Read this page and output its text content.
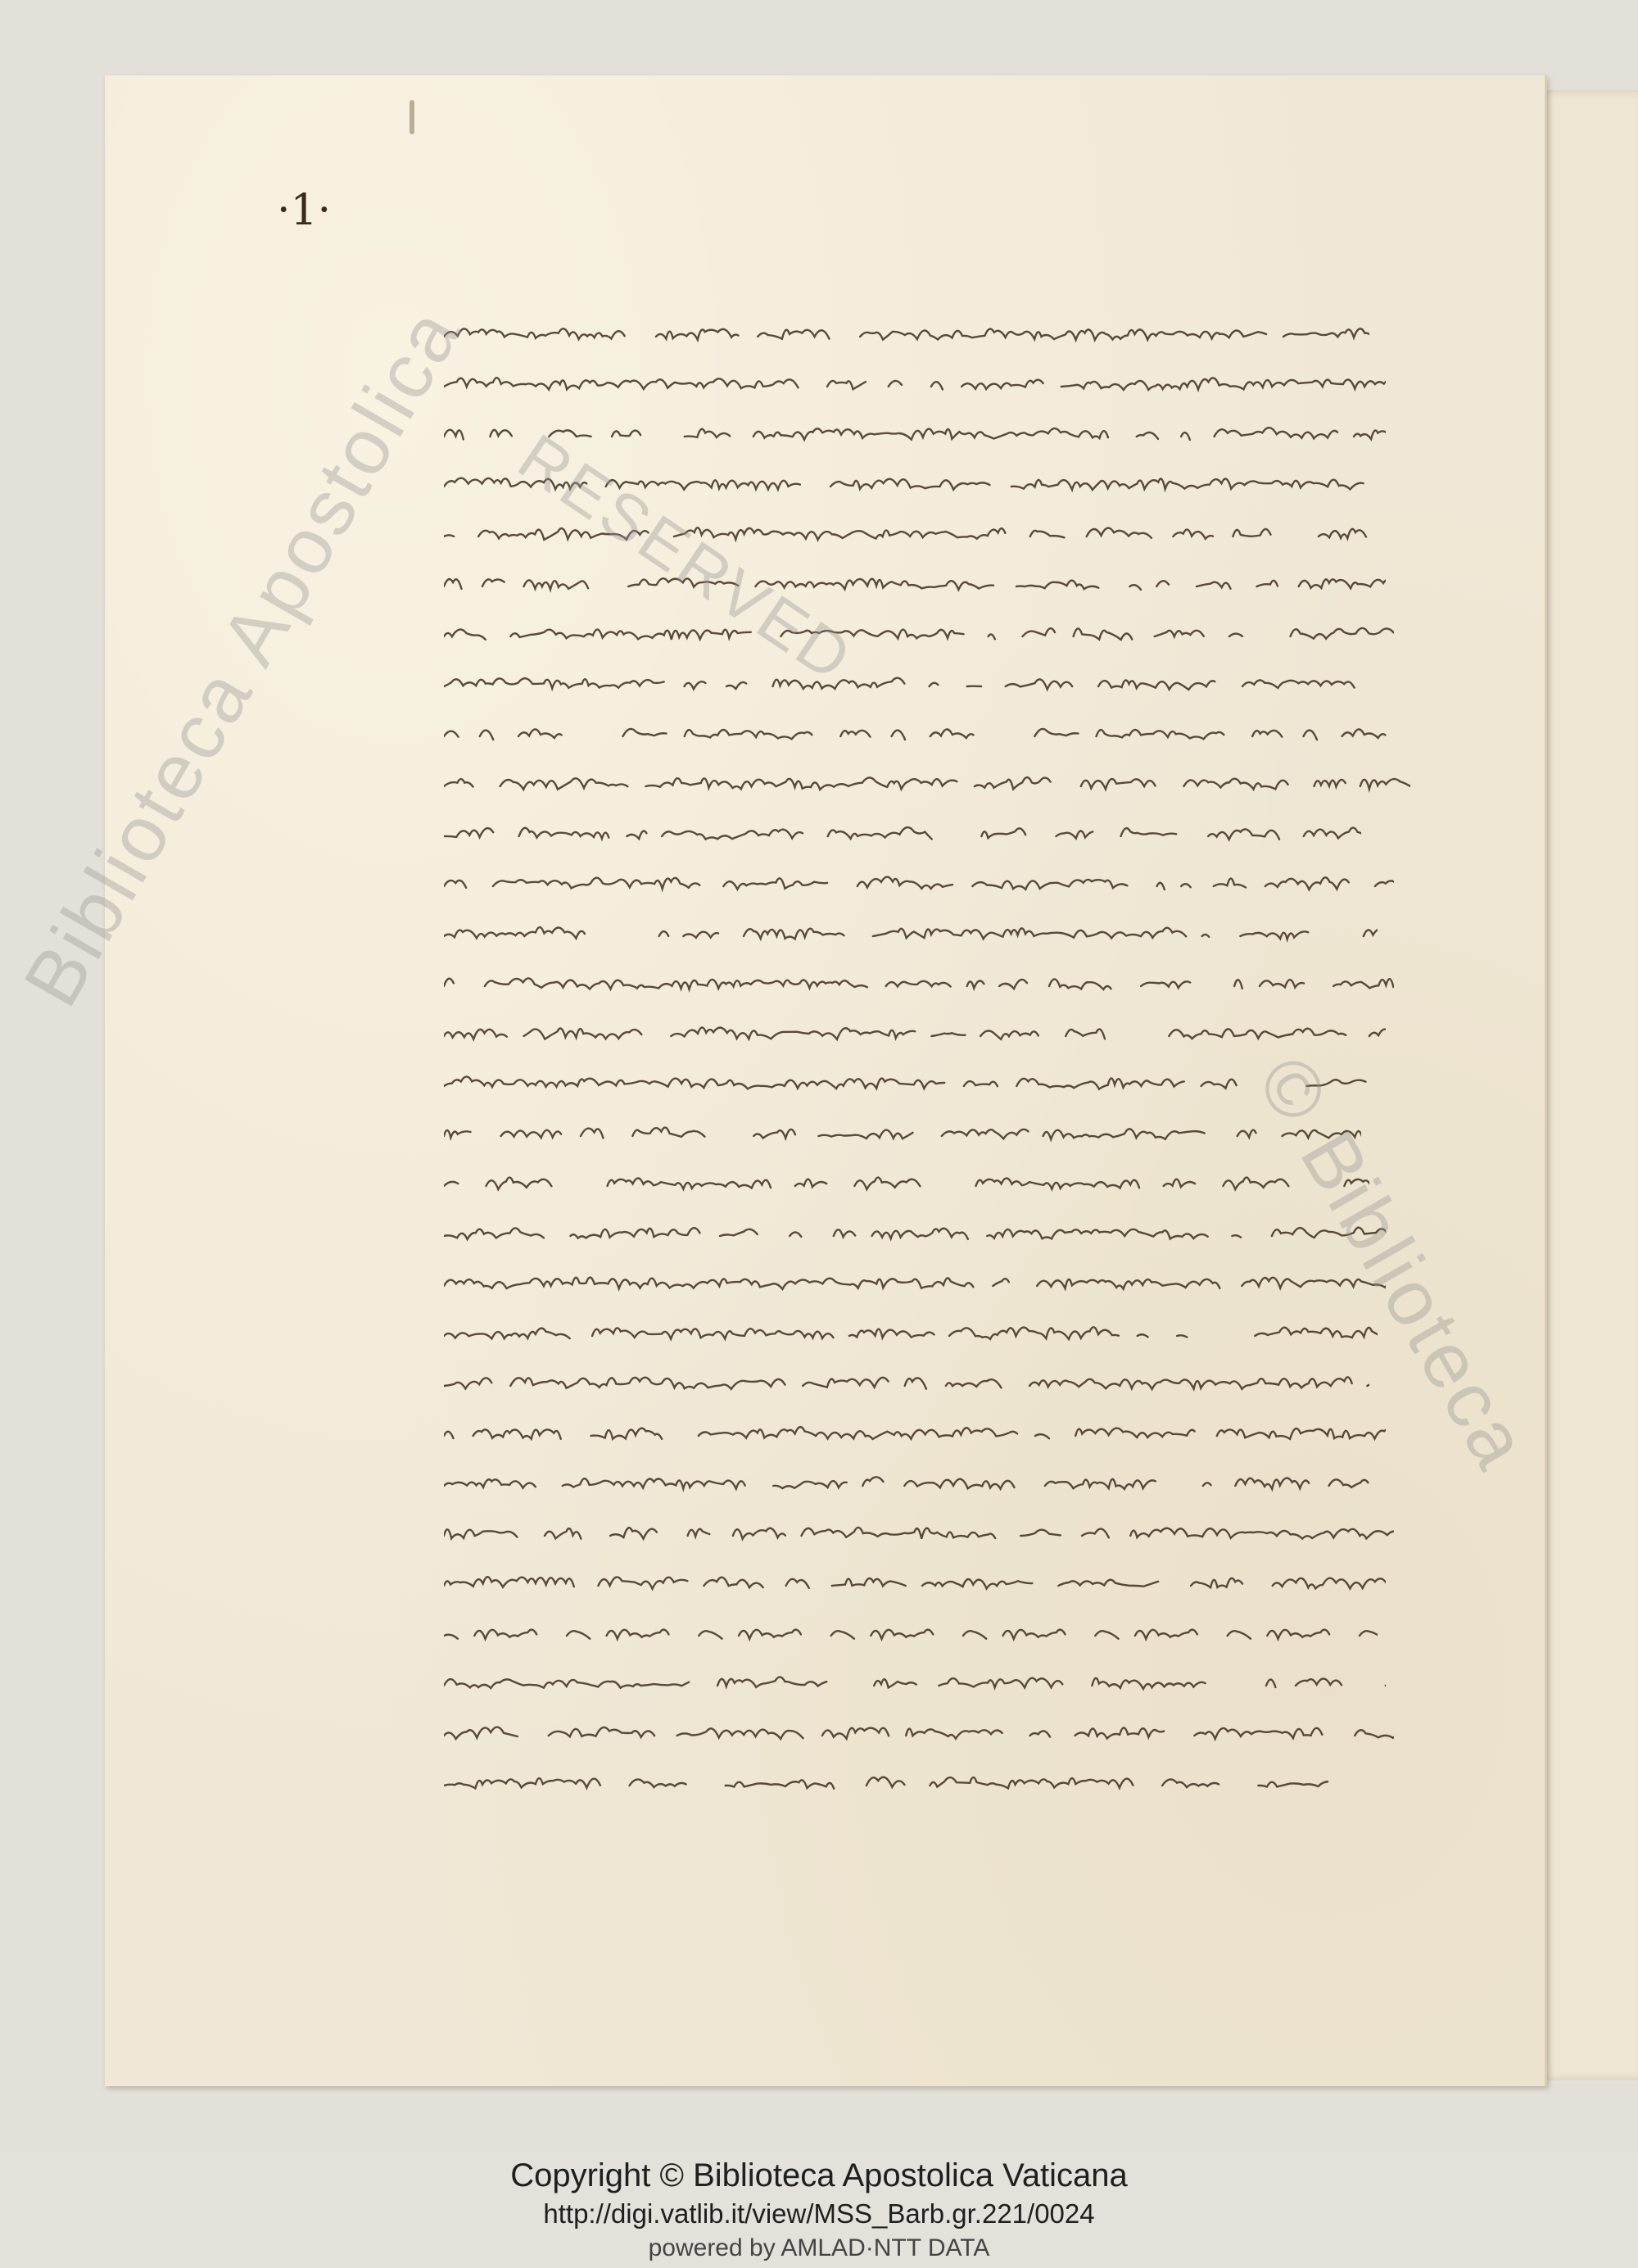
·1·
Biblioteca Apostolica RESERVED
© Biblioteca
Copyright © Biblioteca Apostolica Vaticana
http://digi.vatlib.it/view/MSS_Barb.gr.221/0024
powered by AMLAD·NTT DATA
